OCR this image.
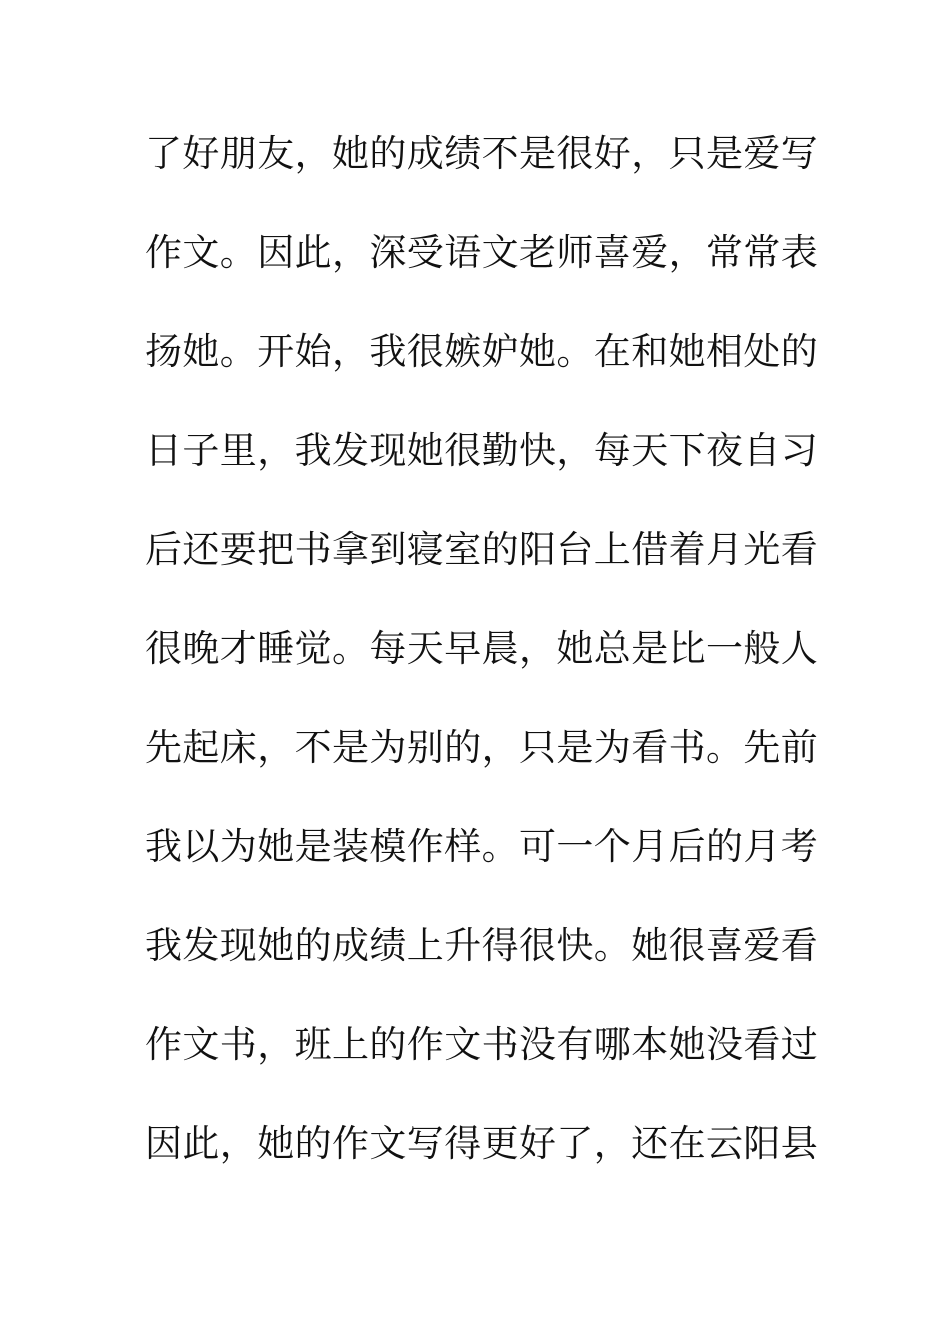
了好朋友，她的成绩不是很好，只是爱写
作文。因此，深受语文老师喜爱，常常表
扬她。开始，我很嫉妒她。在和她相处的
日子里，我发现她很勤快，每天下夜自习
后还要把书拿到寝室的阳台上借着月光看
很晚才睡觉。每天早晨，她总是比一般人
先起床，不是为别的，只是为看书。先前
我以为她是装模作样。可一个月后的月考
我发现她的成绩上升得很快。她很喜爱看
作文书，班上的作文书没有哪本她没看过
因此，她的作文写得更好了，还在云阳县
